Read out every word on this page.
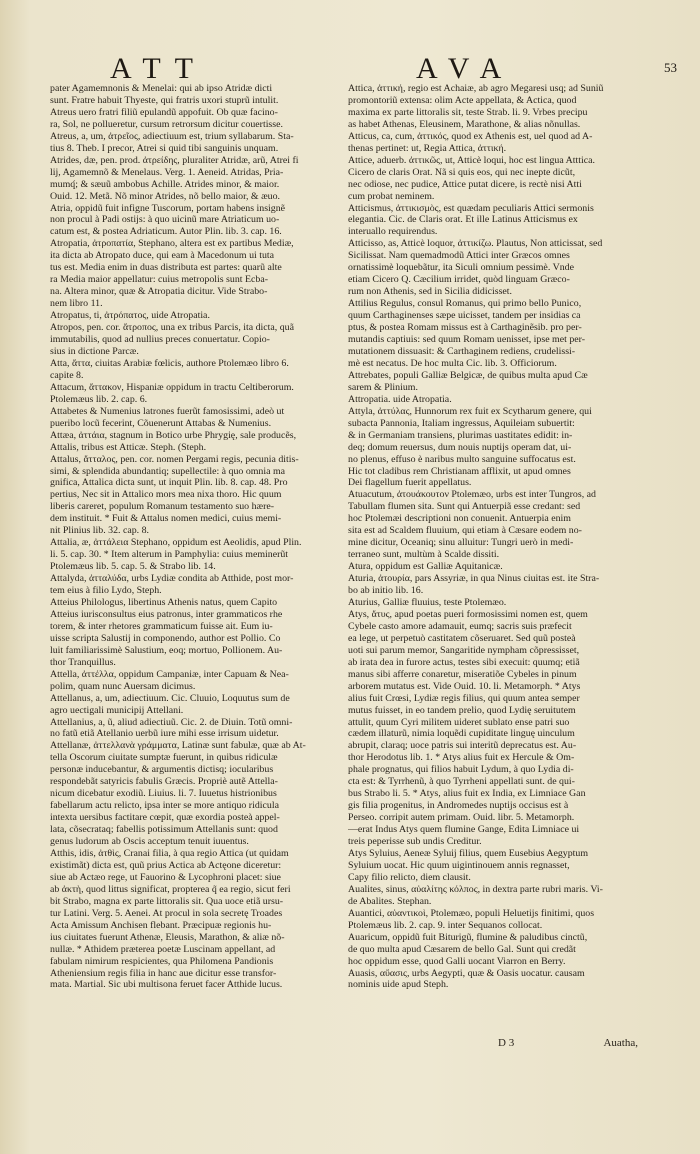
ATT	AVA	53
pater Agamemnonis & Menelai: qui ab ipso Atridæ dicti
sunt. Fratre habuit Thyeste, qui fratris uxori stuprũ intulit.
Atreus uero fratri filiũ epulandũ appofuit. Ob quæ facino-
ra, Sol, ne pollueretur, cursum retrorsum dicitur couertisse.
Atreus, a, um, ἀτρεῖος, adiectiuum est, trium syllabarum. Sta-
tius 8. Theb. I precor, Atrei si quid tibi sanguinis unquam.
Atrides, dæ, pen. prod. ἀτρείδης, pluraliter Atridæ, arũ, Atrei fi
lij, Agamemnõ & Menelaus. Verg. 1. Aeneid. Atridas, Pria-
mumq́; & sæuũ ambobus Achille. Atrides minor, & maior.
Ouid. 12. Metã. Nõ minor Atrides, nõ bello maior, & æuo.
Atria, oppidũ fuit infigne Tuscorum, portam habens insignẽ
non procul à Padi ostijs: à quo uicinũ mare Atriaticum uo-
catum est, & postea Adriaticum. Autor Plin. lib. 3. cap. 16.
Atropatia, ἀτροπατία, Stephano, altera est ex partibus Mediæ,
ita dicta ab Atropato duce, qui eam à Macedonum ui tuta
tus est. Media enim in duas distributa est partes: quarũ alte
ra Media maior appellatur: cuius metropolis sunt Ecba-
na. Altera minor, quæ & Atropatia dicitur. Vide Strabo-
nem libro 11.
Atropatus, ti, ἀτρόπατος, uide Atropatia.
Atropos, pen. cor. ἄτροπος, una ex tribus Parcis, ita dicta, quã
immutabilis, quod ad nullius preces conuertatur. Copio-
sius in dictione Parcæ.
Atta, ἄττα, ciuitas Arabiæ fœlicis, authore Ptolemæo libro 6.
capite 8.
Attacum, ἄττακον, Hispaniæ oppidum in tractu Celtiberorum.
Ptolemæus lib. 2. cap. 6.
Attabetes & Numenius latrones fuerũt famosissimi, adeò ut
pueribo locũ fecerint, Cõuenerunt Attabas & Numenius.
Attæa, ἀττάια, stagnum in Botico urbe Phrygię, sale producẽs,
Attalis, tribus est Atticæ. Steph. (Steph.
Attalus, ἄτταλος, pen. cor. nomen Pergami regis, pecunia ditis-
simi, & splendida abundantiq; supellectile: à quo omnia ma
gnifica, Attalica dicta sunt, ut inquit Plin. lib. 8. cap. 48. Pro
pertius, Nec sit in Attalico mors mea nixa thoro. Hic quum
liberis careret, populum Romanum testamento suo hære-
dem instituit. * Fuit & Attalus nomen medici, cuius memi-
nit Plinius lib. 32. cap. 8.
Attalia, æ, ἀττάλεια Stephano, oppidum est Aeolidis, apud Plin.
li. 5. cap. 30. * Item alterum in Pamphylia: cuius meminerũt
Ptolemæus lib. 5. cap. 5. & Strabo lib. 14.
Attalyda, ἀτταλύδα, urbs Lydiæ condita ab Atthide, post mor-
tem eius à filio Lydo, Steph.
Atteius Philologus, libertinus Athenis natus, quem Capito
Atteius iurisconsultus eius patronus, inter grammaticos rhe
torem, & inter rhetores grammaticum fuisse ait. Eum iu-
uisse scripta Salustij in componendo, author est Pollio. Co
luit familiarissimè Salustium, eoq; mortuo, Pollionem. Au-
thor Tranquillus.
Attella, ἀττέλλα, oppidum Campaniæ, inter Capuam & Nea-
polim, quam nunc Auersam dicimus.
Attellanus, a, um, adiectiuum. Cic. Cluuio, Loquutus sum de
agro uectigali municipij Attellani.
Attellanius, a, ũ, aliud adiectiuũ. Cic. 2. de Diuin. Totũ omni-
no fatũ etiã Atellanio uerbũ iure mihi esse irrisum uidetur.
Attellanæ, ἀττελλανὰ γράμματα, Latinæ sunt fabulæ, quæ ab At-
tella Oscorum ciuitate sumptæ fuerunt, in quibus ridiculæ
personæ inducebantur, & argumentis dictisq; iocularibus
respondebãt satyricis fabulis Græcis. Propriè autẽ Attella-
nicum dicebatur exodiũ. Liuius. li. 7. Iuuetus histrionibus
fabellarum actu relicto, ipsa inter se more antiquo ridicula
intexta uersibus factitare cœpit, quæ exordia posteà appel-
lata, cõsecrataq; fabellis potissimum Attellanis sunt: quod
genus ludorum ab Oscis acceptum tenuit iuuentus.
Atthis, idis, ἀτθὶς, Cranai filia, à qua regio Attica (ut quidam
existimãt) dicta est, quũ prius Actica ab Actęone diceretur:
siue ab Actæo rege, ut Fauorino & Lycophroni placet: siue
ab ἀκτὴ, quod littus significat, propterea q̃ ea regio, sicut feri
bit Strabo, magna ex parte littoralis sit. Qua uoce etiã ursu-
tur Latini. Verg. 5. Aenei. At procul in sola secretę Troades
Acta Amissum Anchisen flebant. Præcipuæ regionis hu-
ius ciuitates fuerunt Athenæ, Eleusis, Marathon, & aliæ nõ-
nullæ. * Athidem præterea poetæ Luscinam appellant, ad
fabulam nimirum respicientes, qua Philomena Pandionis
Atheniensium regis filia in hanc aue dicitur esse transfor-
mata. Martial. Sic ubi multisona feruet facer Atthide lucus.
Attica, ἀττική, regio est Achaiæ, ab agro Megaresi usq; ad Suniũ
promontoriũ extensa: olim Acte appellata, & Actica, quod
maxima ex parte littoralis sit, teste Strab. li. 9. Vrbes precipu
as habet Athenas, Eleusinem, Marathone, & alias nõnullas.
Atticus, ca, cum, ἀττικός, quod ex Athenis est, uel quod ad A-
thenas pertinet: ut, Regia Attica, ἀττική.
Attice, aduerb. ἀττικῶς, ut, Atticè loqui, hoc est lingua Atttica.
Cicero de claris Orat. Nã si quis eos, qui nec inepte dicũt,
nec odiose, nec pudice, Attice putat dicere, is rectè nisi Atti
cum probat neminem.
Atticismus, ἀττικισμὸς, est quædam peculiaris Attici sermonis
elegantia. Cic. de Claris orat. Et ille Latinus Atticismus ex
interuallo requirendus.
Atticisso, as, Atticè loquor, ἀττικίζω. Plautus, Non atticissat, sed
Sicilissat. Nam quemadmodũ Attici inter Græcos omnes
ornatissimè loquebãtur, ita Siculi omnium pessimè. Vnde
etiam Cicero Q. Cæcilium irridet, quòd linguam Græco-
rum non Athenis, sed in Sicilia didicisset.
Attilius Regulus, consul Romanus, qui primo bello Punico,
quum Carthaginenses sæpe uicisset, tandem per insidias ca
ptus, & postea Romam missus est à Carthaginẽsib. pro per-
mutandis captiuis: sed quum Romam uenisset, ipse met per-
mutationem dissuasit: & Carthaginem rediens, crudelissi-
mè est necatus. De hoc multa Cic. lib. 3. Officiorum.
Attrebates, populi Galliæ Belgicæ, de quibus multa apud Cæ
sarem & Plinium.
Attropatia. uide Atropatia.
Attyla, ἀττύλας, Hunnorum rex fuit ex Scytharum genere, qui
subacta Pannonia, Italiam ingressus, Aquileiam subuertit:
& in Germaniam transiens, plurimas uastitates edidit: in-
deq; domum reuersus, dum nouis nuptijs operam dat, ui-
no plenus, effuso è naribus multo sanguine suffocatus est.
Hic tot cladibus rem Christianam afflixit, ut apud omnes
Dei flagellum fuerit appellatus.
Atuacutum, ἀτουάκουτον Ptolemæo, urbs est inter Tungros, ad
Tabullam flumen sita. Sunt qui Antuerpiã esse credant: sed
hoc Ptolemæi descriptioni non conuenit. Antuerpia enim
sita est ad Scaldem fluuium, qui etiam à Cæsare eodem no-
mine dicitur, Oceaniq; sinu alluitur: Tungri uerò in medi-
terraneo sunt, multùm à Scalde dissiti.
Atura, oppidum est Galliæ Aquitanicæ.
Aturia, ἀτουρία, pars Assyriæ, in qua Ninus ciuitas est. ite Stra-
bo ab initio lib. 16.
Aturius, Galliæ fluuius, teste Ptolemæo.
Atys, ἄτυς, apud poetas pueri formosissimi nomen est, quem
Cybele casto amore adamauit, eumq; sacris suis præfecit
ea lege, ut perpetuò castitatem cõseruaret. Sed quũ posteà
uoti sui parum memor, Sangaritide nympham cõpressisset,
ab irata dea in furore actus, testes sibi execuit: quumq; etiã
manus sibi afferre conaretur, miseratiõe Cybeles in pinum
arborem mutatus est. Vide Ouid. 10. li. Metamorph. * Atys
alius fuit Crœsi, Lydiæ regis filius, qui quum antea semper
mutus fuisset, in eo tandem prelio, quod Lydię seruitutem
attulit, quum Cyri militem uideret sublato ense patri suo
cædem illaturũ, nimia loquẽdi cupiditate linguę uinculum
abrupit, claraq; uoce patris sui interitũ deprecatus est. Au-
thor Herodotus lib. 1. * Atys alius fuit ex Hercule & Om-
phale prognatus, qui filios habuit Lydum, à quo Lydia di-
cta est: & Tyrrhenũ, à quo Tyrrheni appellati sunt. de qui-
bus Strabo li. 5. * Atys, alius fuit ex India, ex Limniace Gan
gis filia progenitus, in Andromedes nuptijs occisus est à
Perseo. corripit autem primam. Ouid. libr. 5. Metamorph.
—erat Indus Atys quem flumine Gange, Edita Limniace ui
treis peperisse sub undis Creditur.
Atys Syluius, Aeneæ Syluij filius, quem Eusebius Aegyptum
Syluium uocat. Hic quum uigintinouem annis regnasset,
Capy filio relicto, diem clausit.
Aualites, sinus, αὐαλίτης κόλπος, in dextra parte rubri maris. Vi-
de Abalites. Stephan.
Auantici, αὐαντικοὶ, Ptolemæo, populi Heluetijs finitimi, quos
Ptolemæus lib. 2. cap. 9. inter Sequanos collocat.
Auaricum, oppidũ fuit Biturigũ, flumine & paludibus cinctũ,
de quo multa apud Cæsarem de bello Gal. Sunt qui credãt
hoc oppidum esse, quod Galli uocant Viarron en Berry.
Auasis, αὔασις, urbs Aegypti, quæ & Oasis uocatur. causam
nominis uide apud Steph.
D 3	Auatha,
